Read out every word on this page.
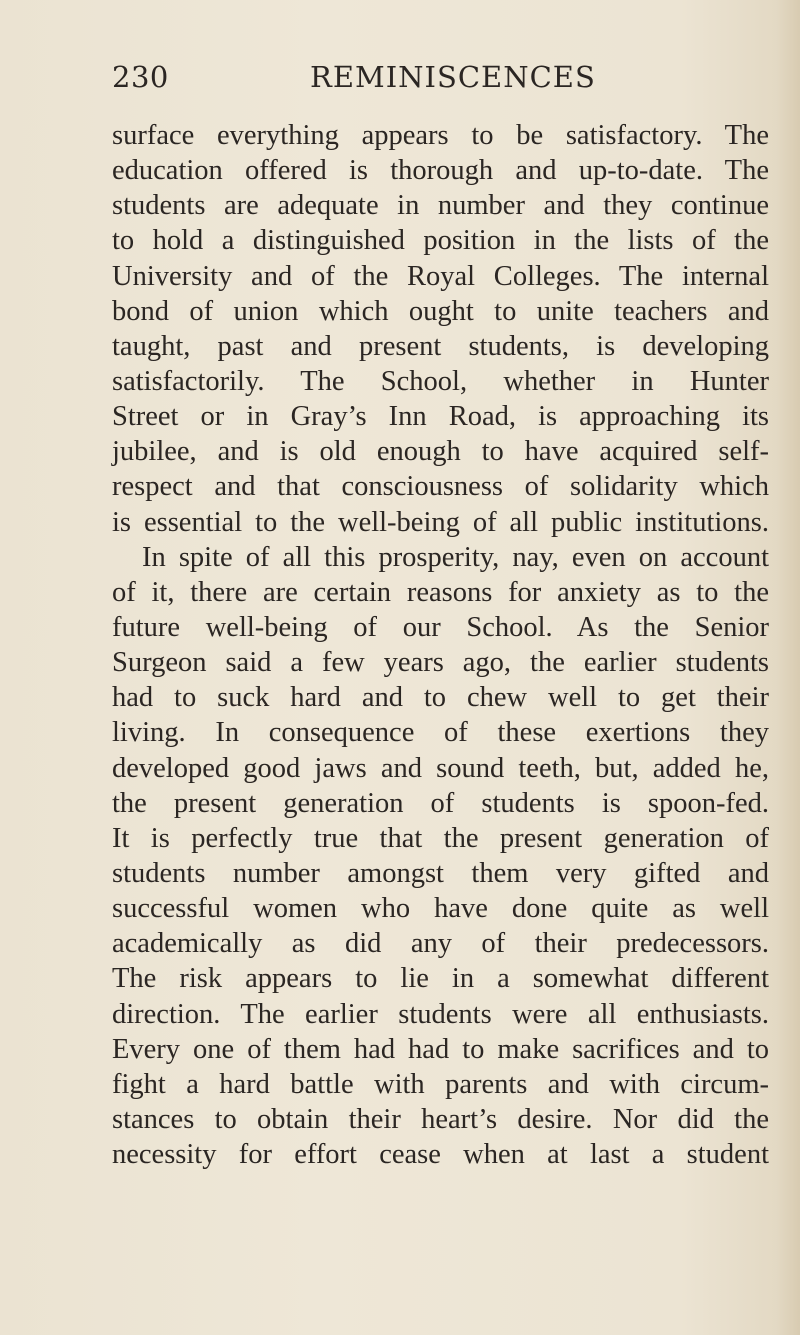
230	REMINISCENCES
surface everything appears to be satisfactory. The
education offered is thorough and up-to-date. The
students are adequate in number and they continue
to hold a distinguished position in the lists of the
University and of the Royal Colleges. The internal
bond of union which ought to unite teachers and
taught, past and present students, is developing
satisfactorily. The School, whether in Hunter
Street or in Gray’s Inn Road, is approaching its
jubilee, and is old enough to have acquired self-
respect and that consciousness of solidarity which
is essential to the well-being of all public institutions.
In spite of all this prosperity, nay, even on account
of it, there are certain reasons for anxiety as to the
future well-being of our School. As the Senior
Surgeon said a few years ago, the earlier students
had to suck hard and to chew well to get their
living. In consequence of these exertions they
developed good jaws and sound teeth, but, added he,
the present generation of students is spoon-fed.
It is perfectly true that the present generation of
students number amongst them very gifted and
successful women who have done quite as well
academically as did any of their predecessors.
The risk appears to lie in a somewhat different
direction. The earlier students were all enthusiasts.
Every one of them had had to make sacrifices and to
fight a hard battle with parents and with circum-
stances to obtain their heart’s desire. Nor did the
necessity for effort cease when at last a student
